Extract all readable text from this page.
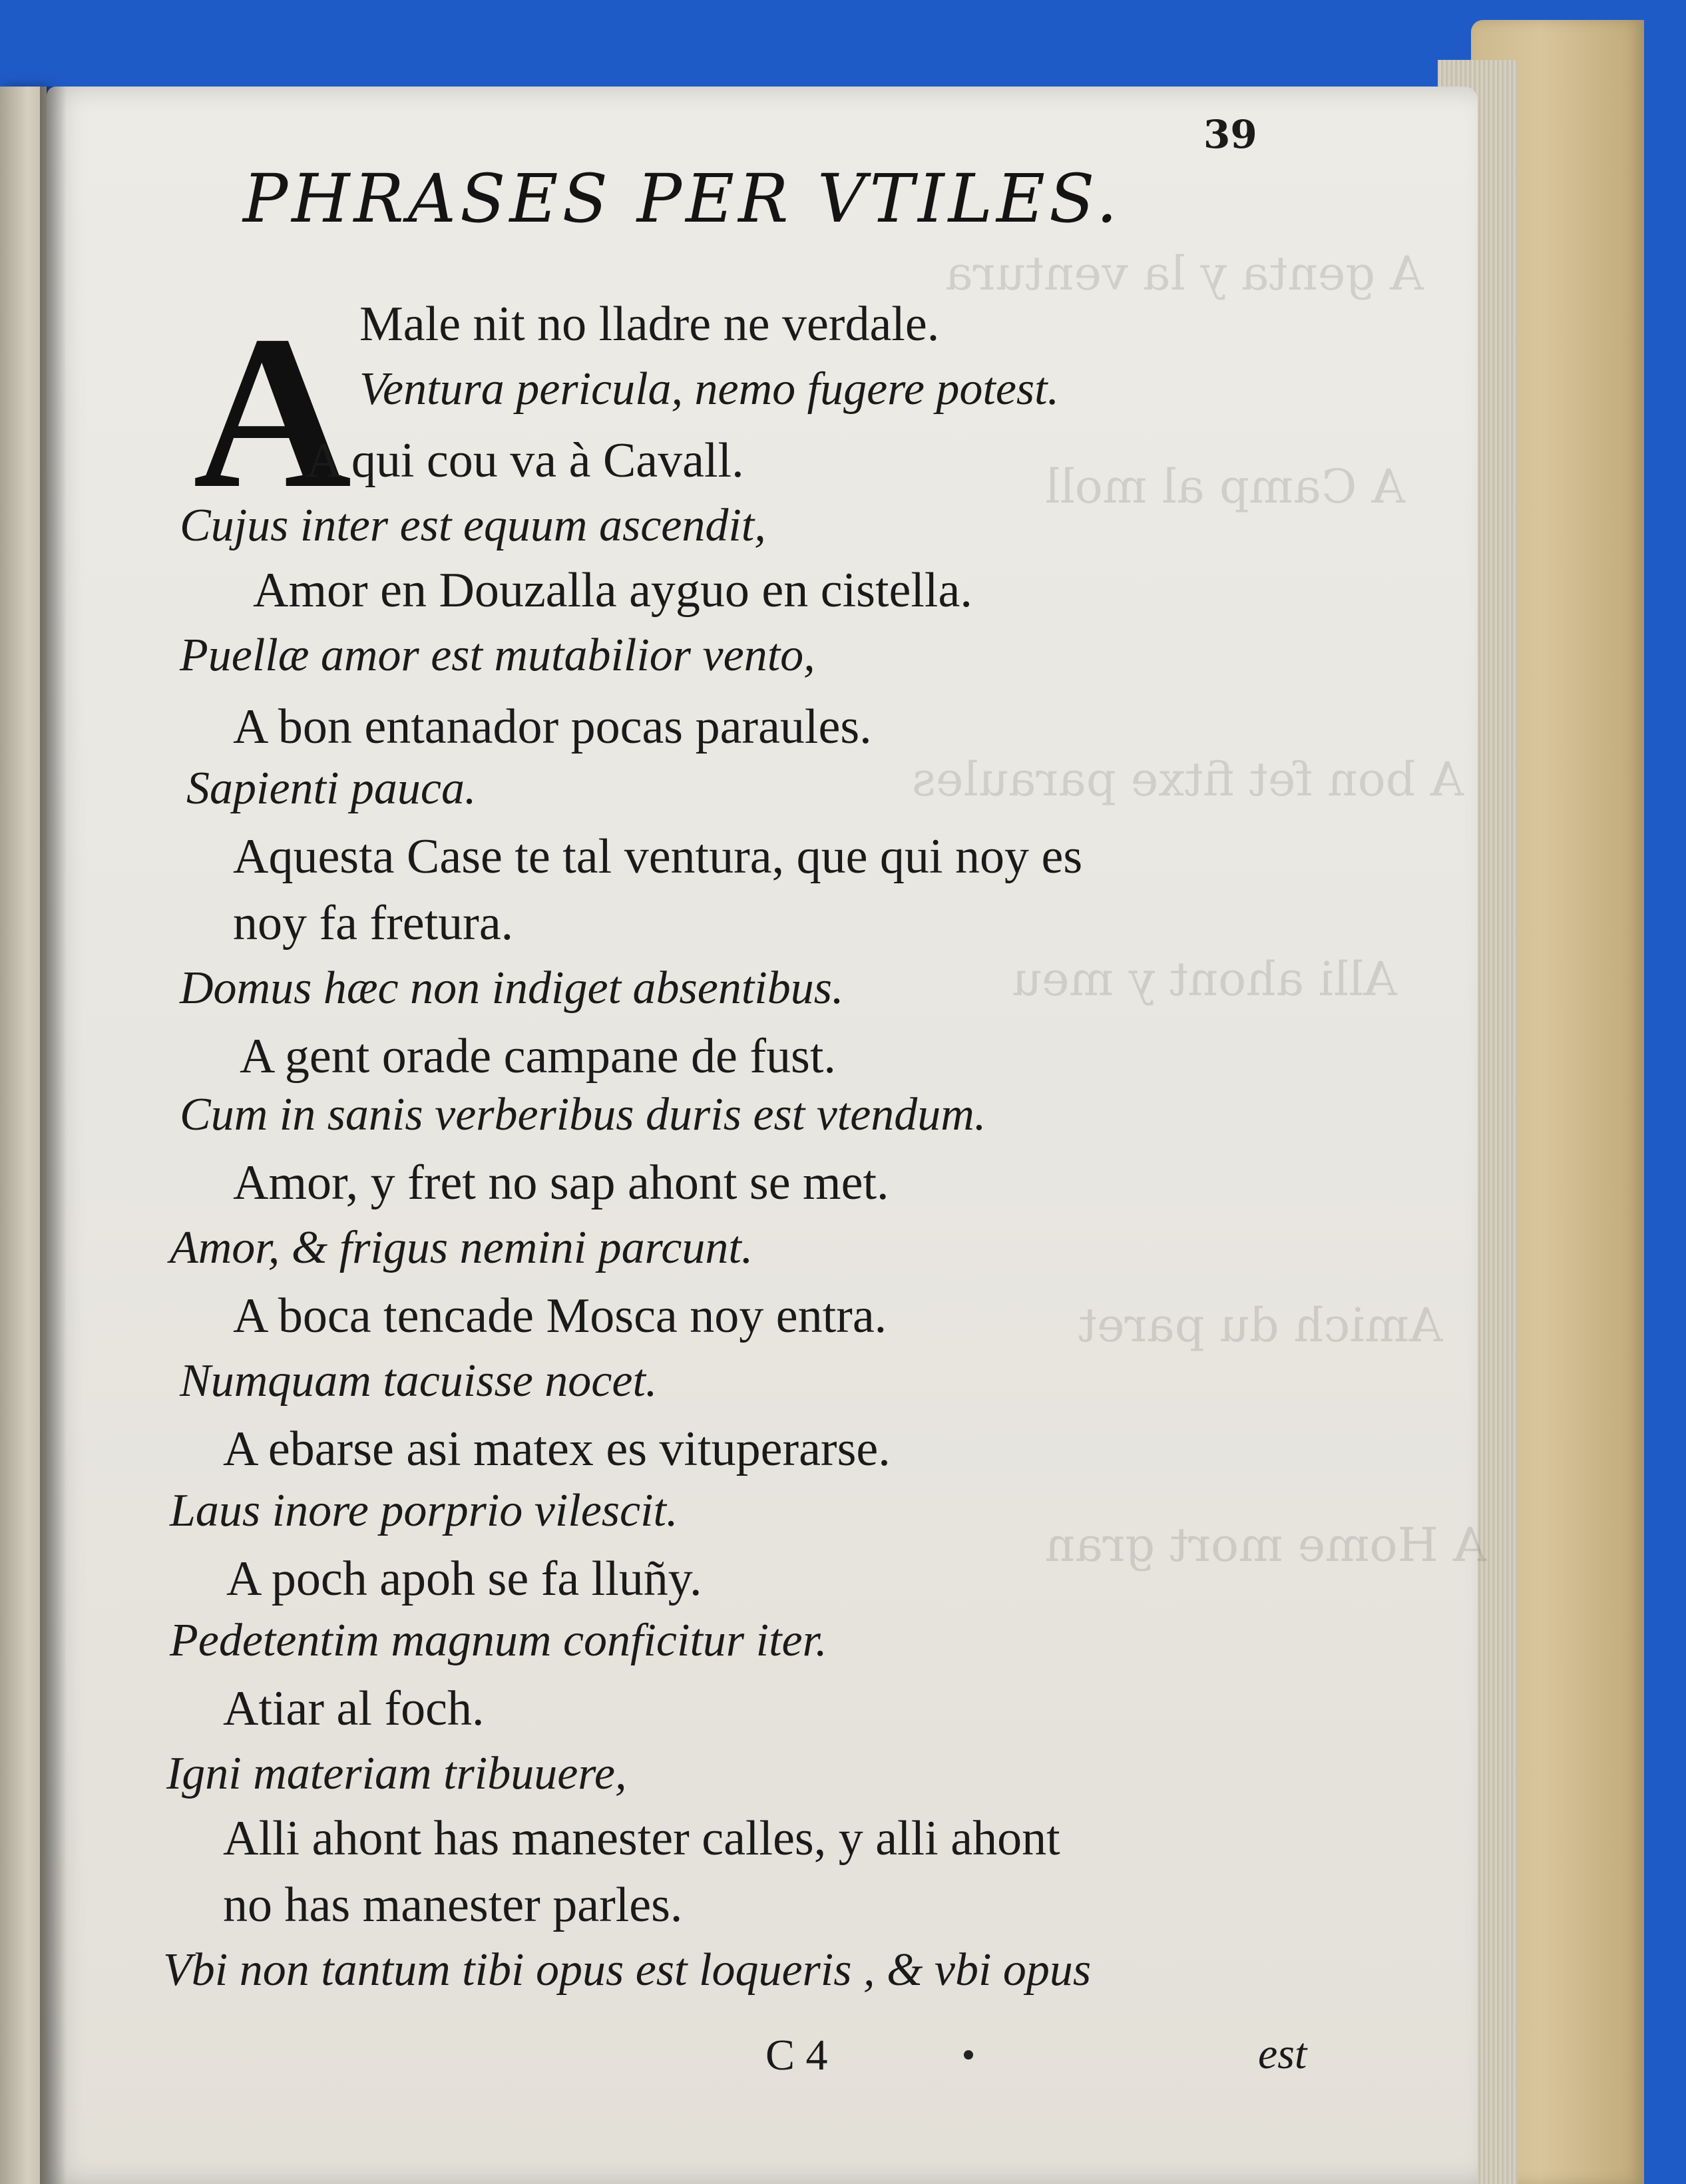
A genta y la ventura
A Camp al moll
A bon fet fitxe paraules
Alli ahont y meu
Amich du paret
A Home mort gran
39
PHRASES PER VTILES.
A Male nit no lladre ne verdale.
Ventura pericula, nemo fugere potest.
A qui cou va à Cavall.
Cujus inter est equum ascendit,
Amor en Douzalla ayguo en cistella.
Puellæ amor est mutabilior vento,
A bon entanador pocas paraules.
Sapienti pauca.
Aquesta Case te tal ventura, que qui noy es
noy fa fretura.
Domus hæc non indiget absentibus.
A gent orade campane de fust.
Cum in sanis verberibus duris est vtendum.
Amor, y fret no sap ahont se met.
Amor, & frigus nemini parcunt.
A boca tencade Mosca noy entra.
Numquam tacuisse nocet.
A ebarse asi matex es vituperarse.
Laus inore porprio vilescit.
A poch apoh se fa lluñy.
Pedetentim magnum conficitur iter.
Atiar al foch.
Igni materiam tribuuere,
Alli ahont has manester calles, y alli ahont
no has manester parles.
Vbi non tantum tibi opus est loqueris , & vbi opus
C 4	est
